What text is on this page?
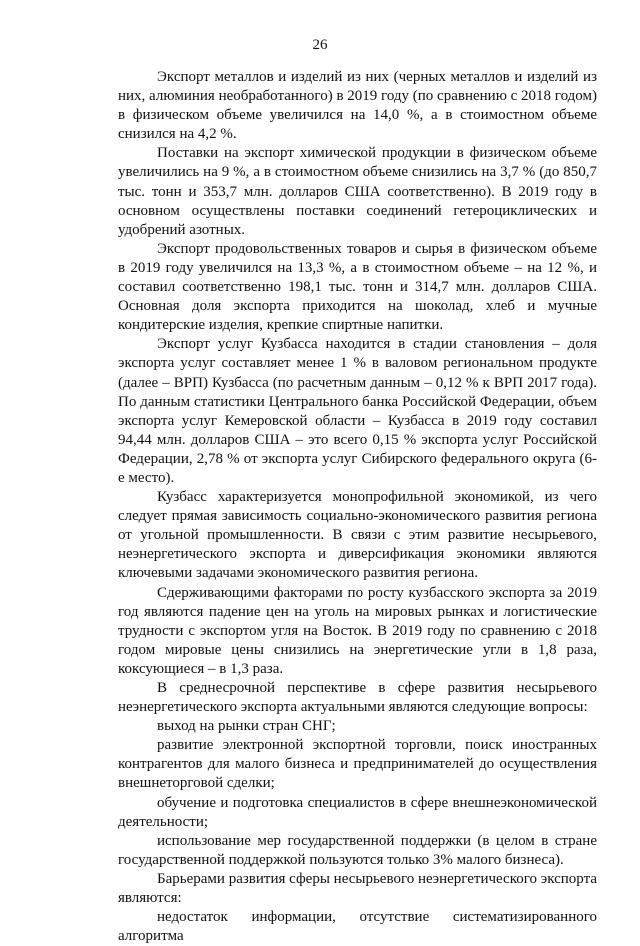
26

Экспорт металлов и изделий из них (черных металлов и изделий из них, алюминия необработанного) в 2019 году (по сравнению с 2018 годом) в физическом объеме увеличился на 14,0 %, а в стоимостном объеме снизился на 4,2 %.

Поставки на экспорт химической продукции в физическом объеме увеличились на 9 %, а в стоимостном объеме снизились на 3,7 % (до 850,7 тыс. тонн и 353,7 млн. долларов США соответственно). В 2019 году в основном осуществлены поставки соединений гетероциклических и удобрений азотных.

Экспорт продовольственных товаров и сырья в физическом объеме в 2019 году увеличился на 13,3 %, а в стоимостном объеме – на 12 %, и составил соответственно 198,1 тыс. тонн и 314,7 млн. долларов США. Основная доля экспорта приходится на шоколад, хлеб и мучные кондитерские изделия, крепкие спиртные напитки.

Экспорт услуг Кузбасса находится в стадии становления – доля экспорта услуг составляет менее 1 % в валовом региональном продукте (далее – ВРП) Кузбасса (по расчетным данным – 0,12 % к ВРП 2017 года). По данным статистики Центрального банка Российской Федерации, объем экспорта услуг Кемеровской области – Кузбасса в 2019 году составил 94,44 млн. долларов США – это всего 0,15 % экспорта услуг Российской Федерации, 2,78 % от экспорта услуг Сибирского федерального округа (6-е место).

Кузбасс характеризуется монопрофильной экономикой, из чего следует прямая зависимость социально-экономического развития региона от угольной промышленности. В связи с этим развитие несырьевого, неэнергетического экспорта и диверсификация экономики являются ключевыми задачами экономического развития региона.

Сдерживающими факторами по росту кузбасского экспорта за 2019 год являются падение цен на уголь на мировых рынках и логистические трудности с экспортом угля на Восток. В 2019 году по сравнению с 2018 годом мировые цены снизились на энергетические угли в 1,8 раза, коксующиеся – в 1,3 раза.

В среднесрочной перспективе в сфере развития несырьевого неэнергетического экспорта актуальными являются следующие вопросы:

выход на рынки стран СНГ;

развитие электронной экспортной торговли, поиск иностранных контрагентов для малого бизнеса и предпринимателей до осуществления внешнеторговой сделки;

обучение и подготовка специалистов в сфере внешнеэкономической деятельности;

использование мер государственной поддержки (в целом в стране государственной поддержкой пользуются только 3% малого бизнеса).

Барьерами развития сферы несырьевого неэнергетического экспорта являются:

недостаток информации, отсутствие систематизированного алгоритма
